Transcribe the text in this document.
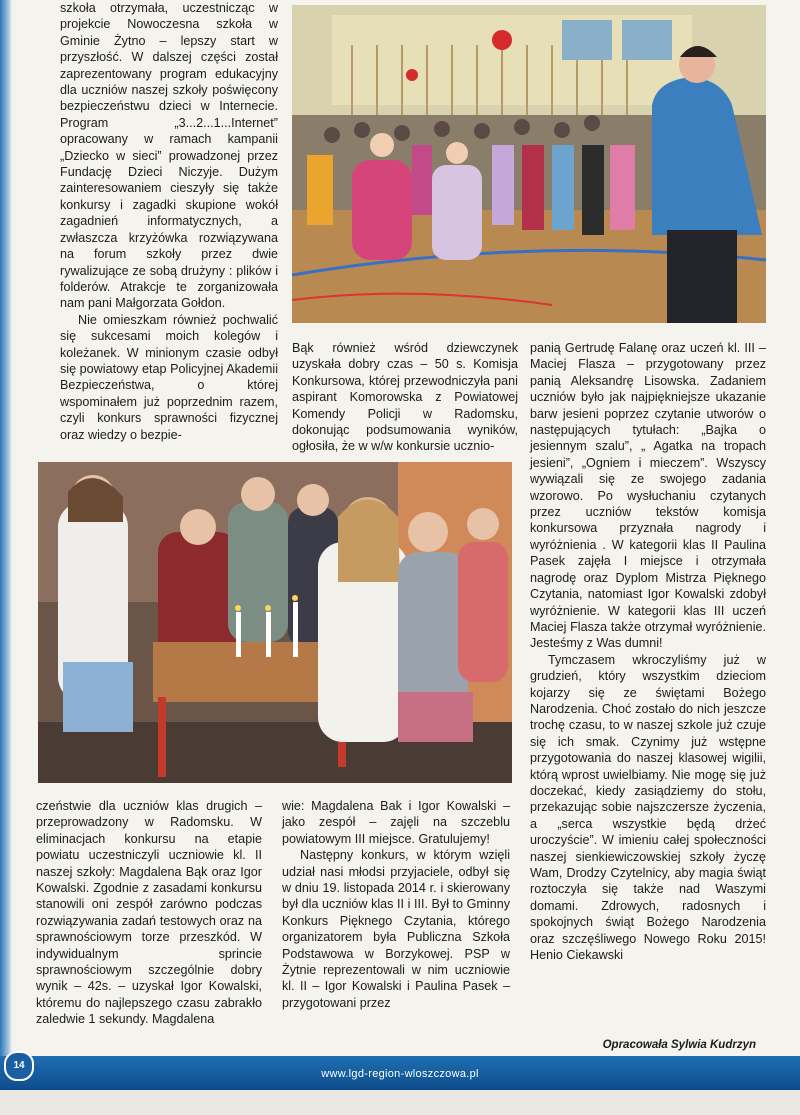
szkoła otrzymała, uczestnicząc w projekcie Nowoczesna szkoła w Gminie Żytno – lepszy start w przyszłość. W dalszej części został zaprezentowany program edukacyjny dla uczniów naszej szkoły poświęcony bezpieczeństwu dzieci w Internecie. Program „3...2...1...Internet” opracowany w ramach kampanii „Dziecko w sieci” prowadzonej przez Fundację Dzieci Niczyje. Dużym zainteresowaniem cieszyły się także konkursy i zagadki skupione wokół zagadnień informatycznych, a zwłaszcza krzyżówka rozwiązywana na forum szkoły przez dwie rywalizujące ze sobą drużyny : plików i folderów. Atrakcje te zorganizowała nam pani Małgorzata Gołdon.

Nie omieszkam również pochwalić się sukcesami moich kolegów i koleżanek. W minionym czasie odbył się powiatowy etap Policyjnej Akademii Bezpieczeństwa, o której wspominałem już poprzednim razem, czyli konkurs sprawności fizycznej oraz wiedzy o bezpie-

Bąk również wśród dziewczynek uzyskała dobry czas – 50 s. Komisja Konkursowa, której przewodniczyła pani aspirant Komorowska z Powiatowej Komendy Policji w Radomsku, dokonując podsumowania wyników, ogłosiła, że w w/w konkursie ucznio-

panią Gertrudę Falanę oraz uczeń kl. III – Maciej Flasza – przygotowany przez panią Aleksandrę Lisowska. Zadaniem uczniów było jak najpiękniejsze ukazanie barw jesieni poprzez czytanie utworów o następujących tytułach: „Bajka o jesiennym szalu”, „ Agatka na tropach jesieni”, „Ogniem i mieczem”. Wszyscy wywiązali się ze swojego zadania wzorowo. Po wysłuchaniu czytanych przez uczniów tekstów komisja konkursowa przyznała nagrody i wyróżnienia . W kategorii klas II Paulina Pasek zajęła I miejsce i otrzymała nagrodę oraz Dyplom Mistrza Pięknego Czytania, natomiast Igor Kowalski zdobył wyróżnienie. W kategorii klas III uczeń Maciej Flasza także otrzymał wyróżnienie. Jesteśmy z Was dumni!

Tymczasem wkroczyliśmy już w grudzień, który wszystkim dzieciom kojarzy się ze świętami Bożego Narodzenia. Choć zostało do nich jeszcze trochę czasu, to w naszej szkole już czuje się ich smak. Czynimy już wstępne przygotowania do naszej klasowej wigilii, którą wprost uwielbiamy. Nie mogę się już doczekać, kiedy zasiądziemy do stołu, przekazując sobie najszczersze życzenia, a „serca wszystkie będą drżeć uroczyście”. W imieniu całej społeczności naszej sienkiewiczowskiej szkoły życzę Wam, Drodzy Czytelnicy, aby magia świąt roztoczyła się także nad Waszymi domami. Zdrowych, radosnych i spokojnych świąt Bożego Narodzenia oraz szczęśliwego Nowego Roku 2015! Henio Ciekawski

czeństwie dla uczniów klas drugich – przeprowadzony w Radomsku. W eliminacjach konkursu na etapie powiatu uczestniczyli uczniowie kl. II naszej szkoły: Magdalena Bąk oraz Igor Kowalski. Zgodnie z zasadami konkursu stanowili oni zespół zarówno podczas rozwiązywania zadań testowych oraz na sprawnościowym torze przeszkód. W indywidualnym sprincie sprawnościowym szczególnie dobry wynik – 42s. – uzyskał Igor Kowalski, któremu do najlepszego czasu zabrakło zaledwie 1 sekundy. Magdalena

wie: Magdalena Bak i Igor Kowalski – jako zespół – zajęli na szczeblu powiatowym III miejsce. Gratulujemy!

Następny konkurs, w którym wzięli udział nasi młodsi przyjaciele, odbył się w dniu 19. listopada 2014 r. i skierowany był dla uczniów klas II i III. Był to Gminny Konkurs Pięknego Czytania, którego organizatorem była Publiczna Szkoła Podstawowa w Borzykowej. PSP w Żytnie reprezentowali w nim uczniowie kl. II – Igor Kowalski i Paulina Pasek – przygotowani przez

Opracowała Sylwia Kudrzyn
www.lgd-region-wloszczowa.pl
14
